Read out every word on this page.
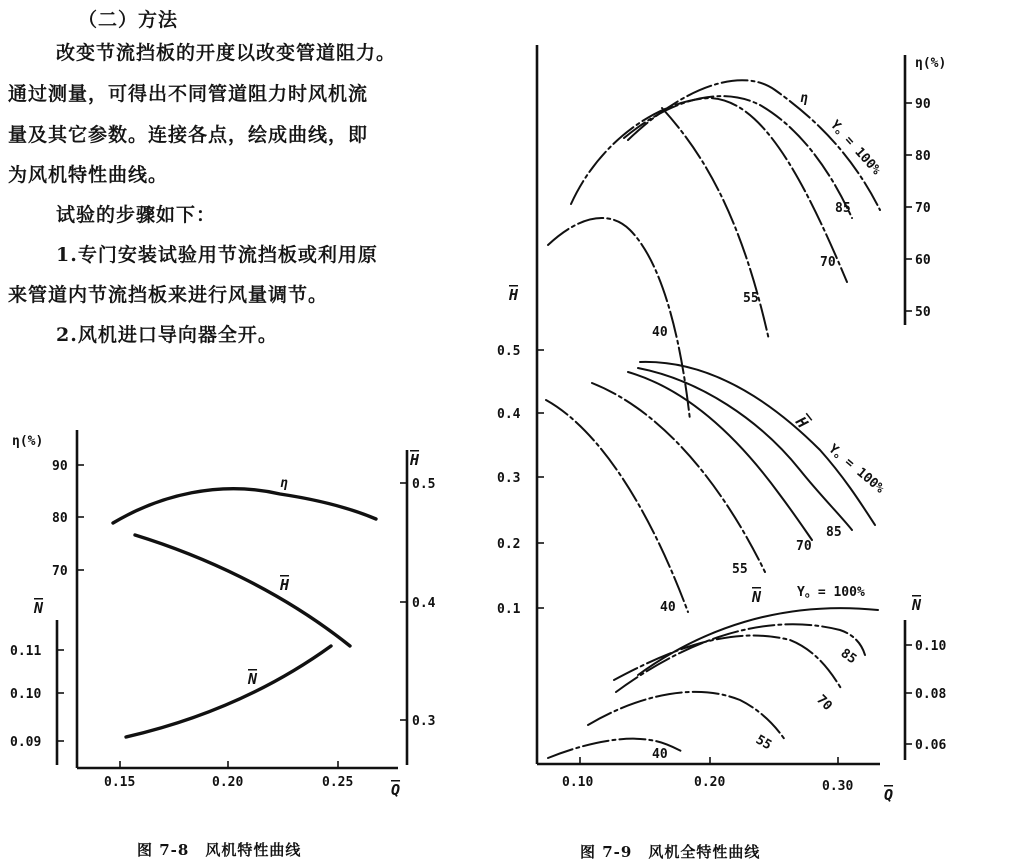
（二）方法
改变节流挡板的开度以改变管道阻力。
通过测量，可得出不同管道阻力时风机流
量及其它参数。连接各点，绘成曲线，即
为风机特性曲线。
试验的步骤如下：
1.专门安装试验用节流挡板或利用原
来管道内节流挡板来进行风量调节。
2.风机进口导向器全开。
90
80
70
η(%)
0.11
0.10
0.09
N
0.5
0.4
0.3
H
0.15	0.20	0.25	Q
η
H
N
图 7-8　风机特性曲线
0.5
0.4
0.3
0.2
0.1
H
90
80
70
60
50
η(%)
0.10
0.08
0.06
N
0.10	0.20	0.30 Q
η
Y。= 100%
85
70
55
40
H
Y。= 100%
85
70
55
40
N	Y。= 100%
85
70
55
40
图 7-9　风机全特性曲线
